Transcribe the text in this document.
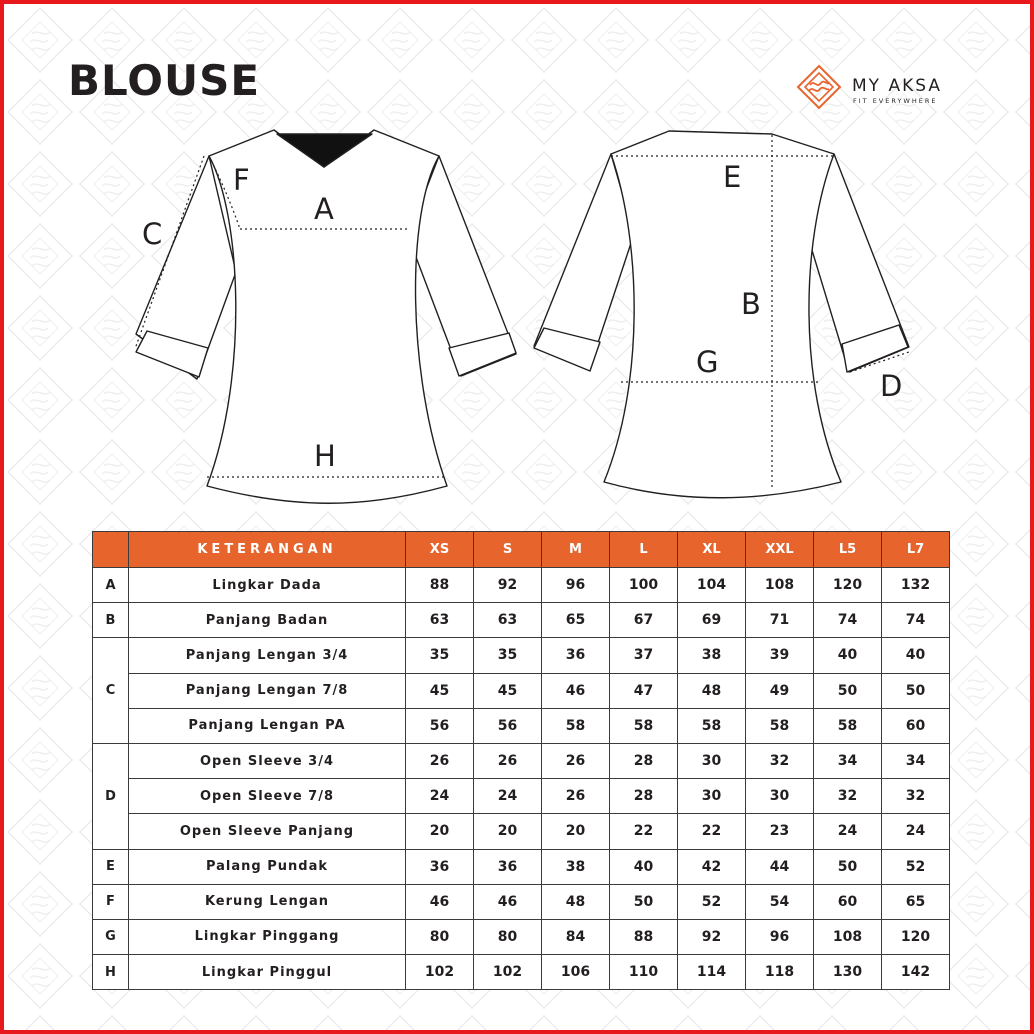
BLOUSE	MY AKSA
FIT EVERYWHERE
A
C
F
H
E
B
G
D
	KETERANGAN	XS	S	M	L	XL	XXL	L5	L7
A	Lingkar Dada	88	92	96	100	104	108	120	132
B	Panjang Badan	63	63	65	67	69	71	74	74
C	Panjang Lengan 3/4	35	35	36	37	38	39	40	40
	Panjang Lengan 7/8	45	45	46	47	48	49	50	50
	Panjang Lengan PA	56	56	58	58	58	58	58	60
D	Open Sleeve 3/4	26	26	26	28	30	32	34	34
	Open Sleeve 7/8	24	24	26	28	30	30	32	32
	Open Sleeve Panjang	20	20	20	22	22	23	24	24
E	Palang Pundak	36	36	38	40	42	44	50	52
F	Kerung Lengan	46	46	48	50	52	54	60	65
G	Lingkar Pinggang	80	80	84	88	92	96	108	120
H	Lingkar Pinggul	102	102	106	110	114	118	130	142
